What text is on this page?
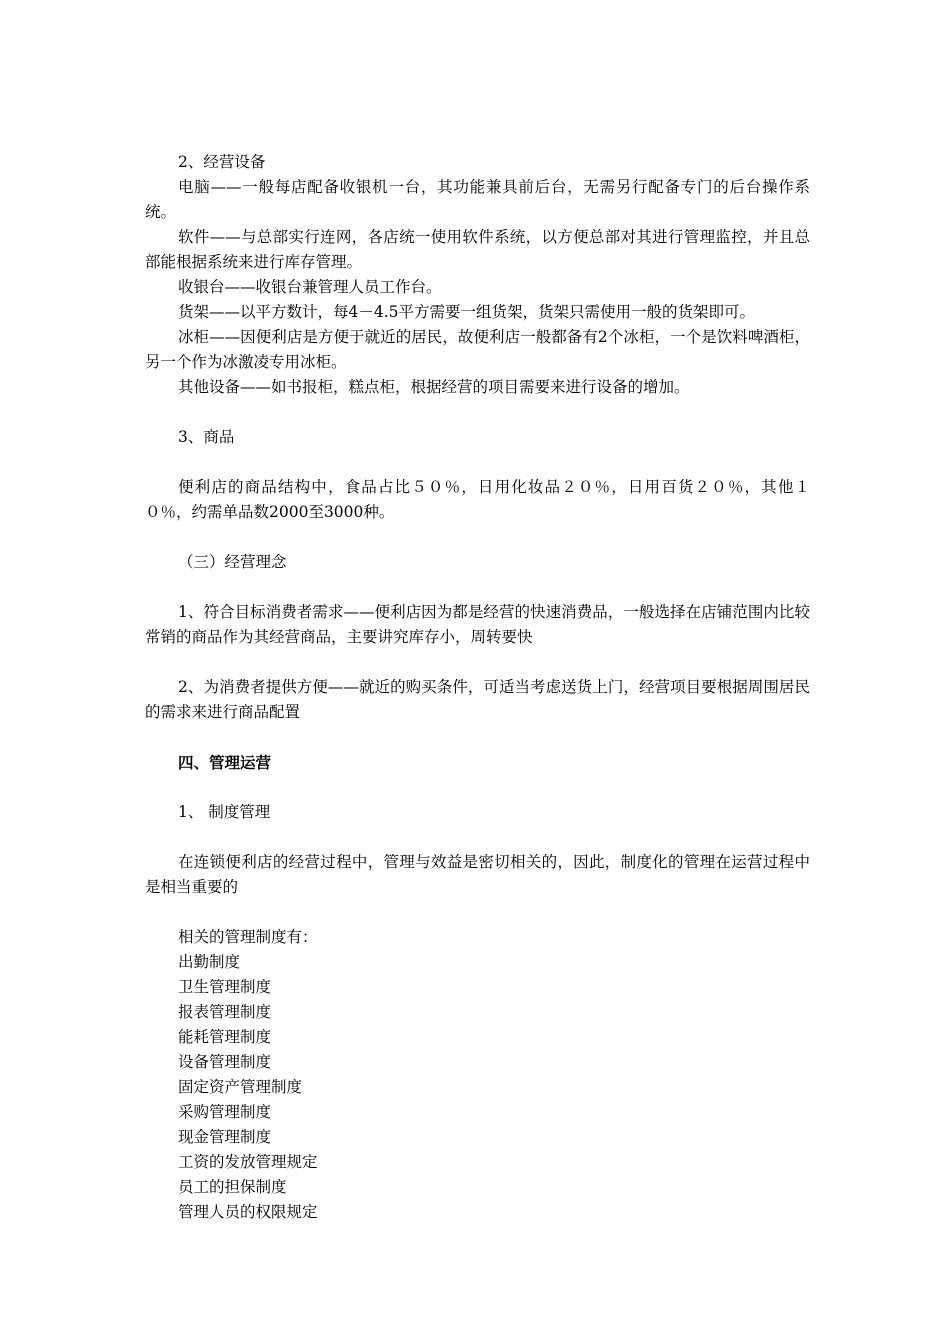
2、经营设备

电脑——一般每店配备收银机一台，其功能兼具前后台，无需另行配备专门的后台操作系统。

软件——与总部实行连网，各店统一使用软件系统，以方便总部对其进行管理监控，并且总部能根据系统来进行库存管理。

收银台——收银台兼管理人员工作台。

货架——以平方数计，每4－4.5平方需要一组货架，货架只需使用一般的货架即可。

冰柜——因便利店是方便于就近的居民，故便利店一般都备有2个冰柜，一个是饮料啤酒柜，另一个作为冰激凌专用冰柜。

其他设备——如书报柜，糕点柜，根据经营的项目需要来进行设备的增加。

3、商品

便利店的商品结构中，食品占比５０％，日用化妆品２０％，日用百货２０％，其他１０％，约需单品数2000至3000种。

（三）经营理念

1、符合目标消费者需求——便利店因为都是经营的快速消费品，一般选择在店铺范围内比较常销的商品作为其经营商品，主要讲究库存小，周转要快

2、为消费者提供方便——就近的购买条件，可适当考虑送货上门，经营项目要根据周围居民的需求来进行商品配置

四、管理运营

1、 制度管理

在连锁便利店的经营过程中，管理与效益是密切相关的，因此，制度化的管理在运营过程中是相当重要的

相关的管理制度有：

出勤制度

卫生管理制度

报表管理制度

能耗管理制度

设备管理制度

固定资产管理制度

采购管理制度

现金管理制度

工资的发放管理规定

员工的担保制度

管理人员的权限规定
